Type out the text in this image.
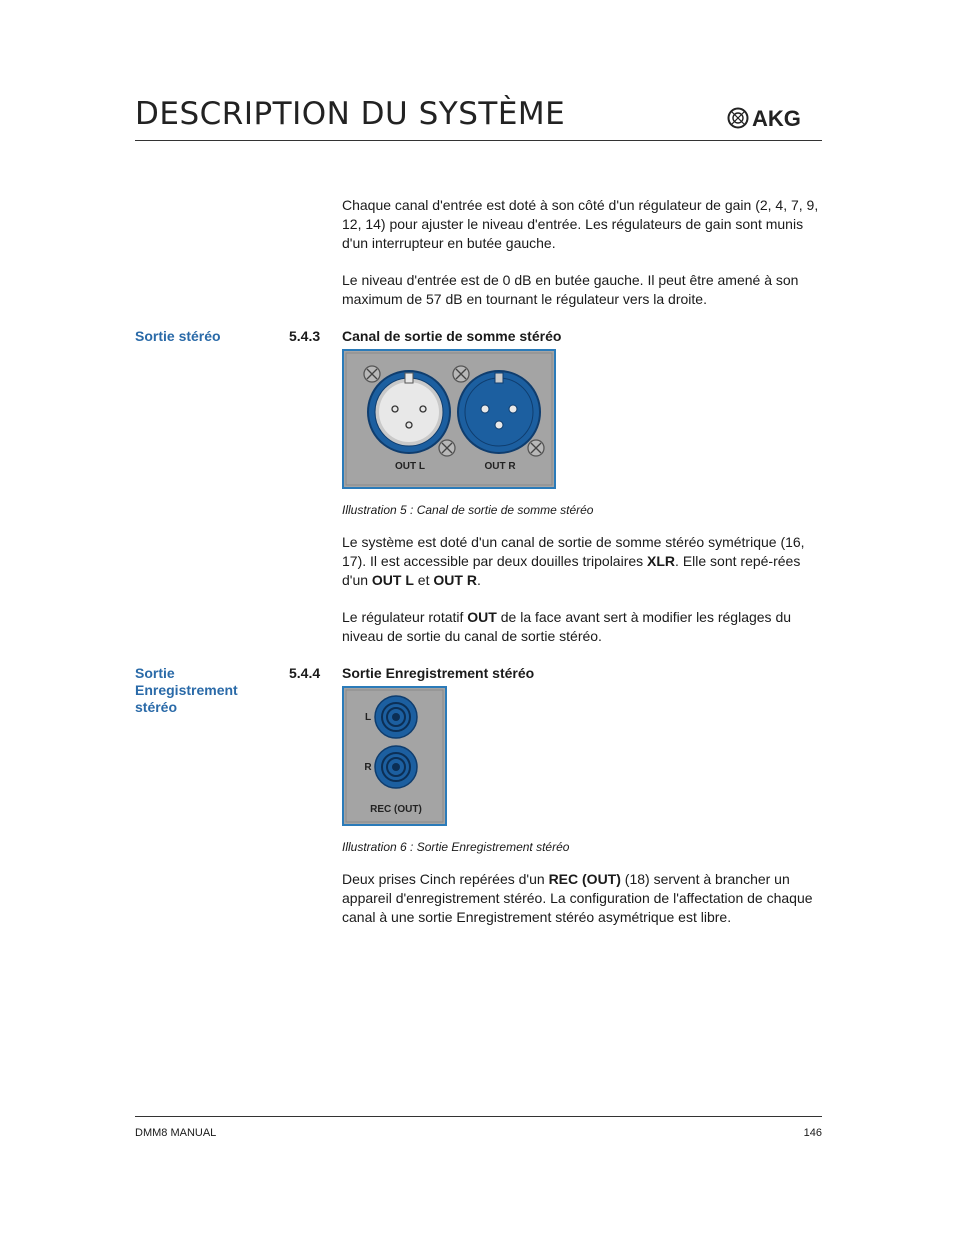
DESCRIPTION DU SYSTÈME	AKG

Chaque canal d'entrée est doté à son côté d'un régulateur de gain (2, 4, 7, 9, 12, 14) pour ajuster le niveau d'entrée. Les régulateurs de gain sont munis d'un interrupteur en butée gauche.

Le niveau d'entrée est de 0 dB en butée gauche. Il peut être amené à son maximum de 57 dB en tournant le régulateur vers la droite.

Sortie stéréo	5.4.3 Canal de sortie de somme stéréo
OUT L	OUT R
Illustration 5 : Canal de sortie de somme stéréo

Le système est doté d'un canal de sortie de somme stéréo symétrique (16, 17). Il est accessible par deux douilles tripolaires XLR. Elle sont repé-rées d'un OUT L et OUT R.

Le régulateur rotatif OUT de la face avant sert à modifier les réglages du niveau de sortie du canal de sortie stéréo.

Sortie Enregistrement stéréo
5.4.4 Sortie Enregistrement stéréo
L
R
REC (OUT)
Illustration 6 : Sortie Enregistrement stéréo

Deux prises Cinch repérées d'un REC (OUT) (18) servent à brancher un appareil d'enregistrement stéréo. La configuration de l'affectation de chaque canal à une sortie Enregistrement stéréo asymétrique est libre.

DMM8 MANUAL	146
